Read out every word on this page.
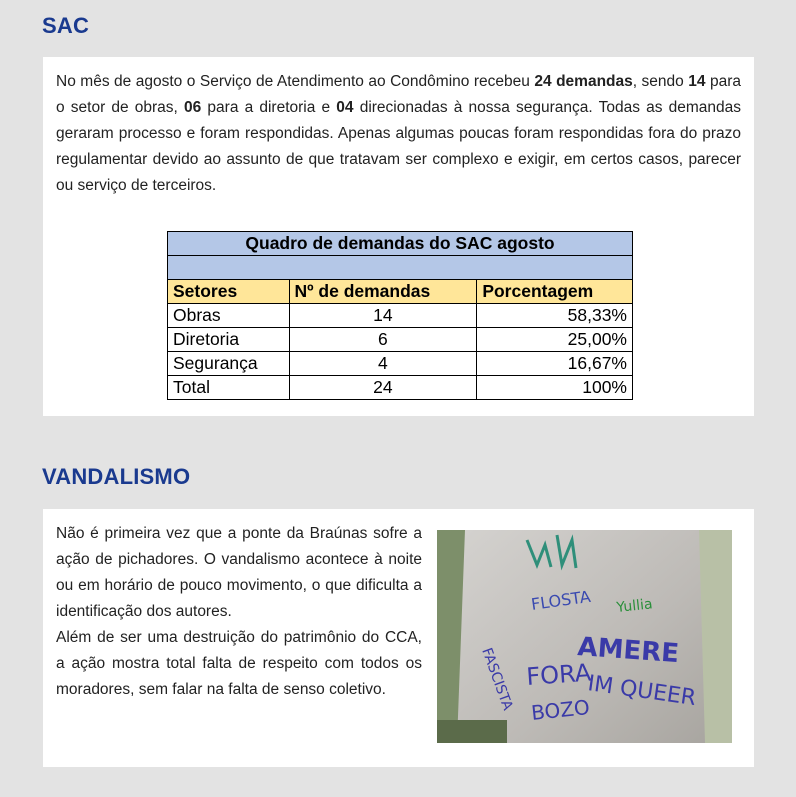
SAC

No mês de agosto o Serviço de Atendimento ao Condômino recebeu 24 demandas, sendo 14 para o setor de obras, 06 para a diretoria e 04 direcionadas à nossa segurança. Todas as demandas geraram processo e foram respondidas. Apenas algumas poucas foram respondidas fora do prazo regulamentar devido ao assunto de que tratavam ser complexo e exigir, em certos casos, parecer ou serviço de terceiros.

Quadro de demandas do SAC agosto		

Setores	Nº de demandas	Porcentagem
Obras	14	58,33%
Diretoria	6	25,00%
Segurança	4	16,67%
Total	24	100%
VANDALISMO

Não é primeira vez que a ponte da Braúnas sofre a ação de pichadores. O vandalismo acontece à noite ou em horário de pouco movimento, o que dificulta a identificação dos autores.
Além de ser uma destruição do patrimônio do CCA, a ação mostra total falta de respeito com todos os moradores, sem falar na falta de senso coletivo.

FLOSTA Yullia
AMERE
FASCISTA FORA
IM QUEER
BOZO
